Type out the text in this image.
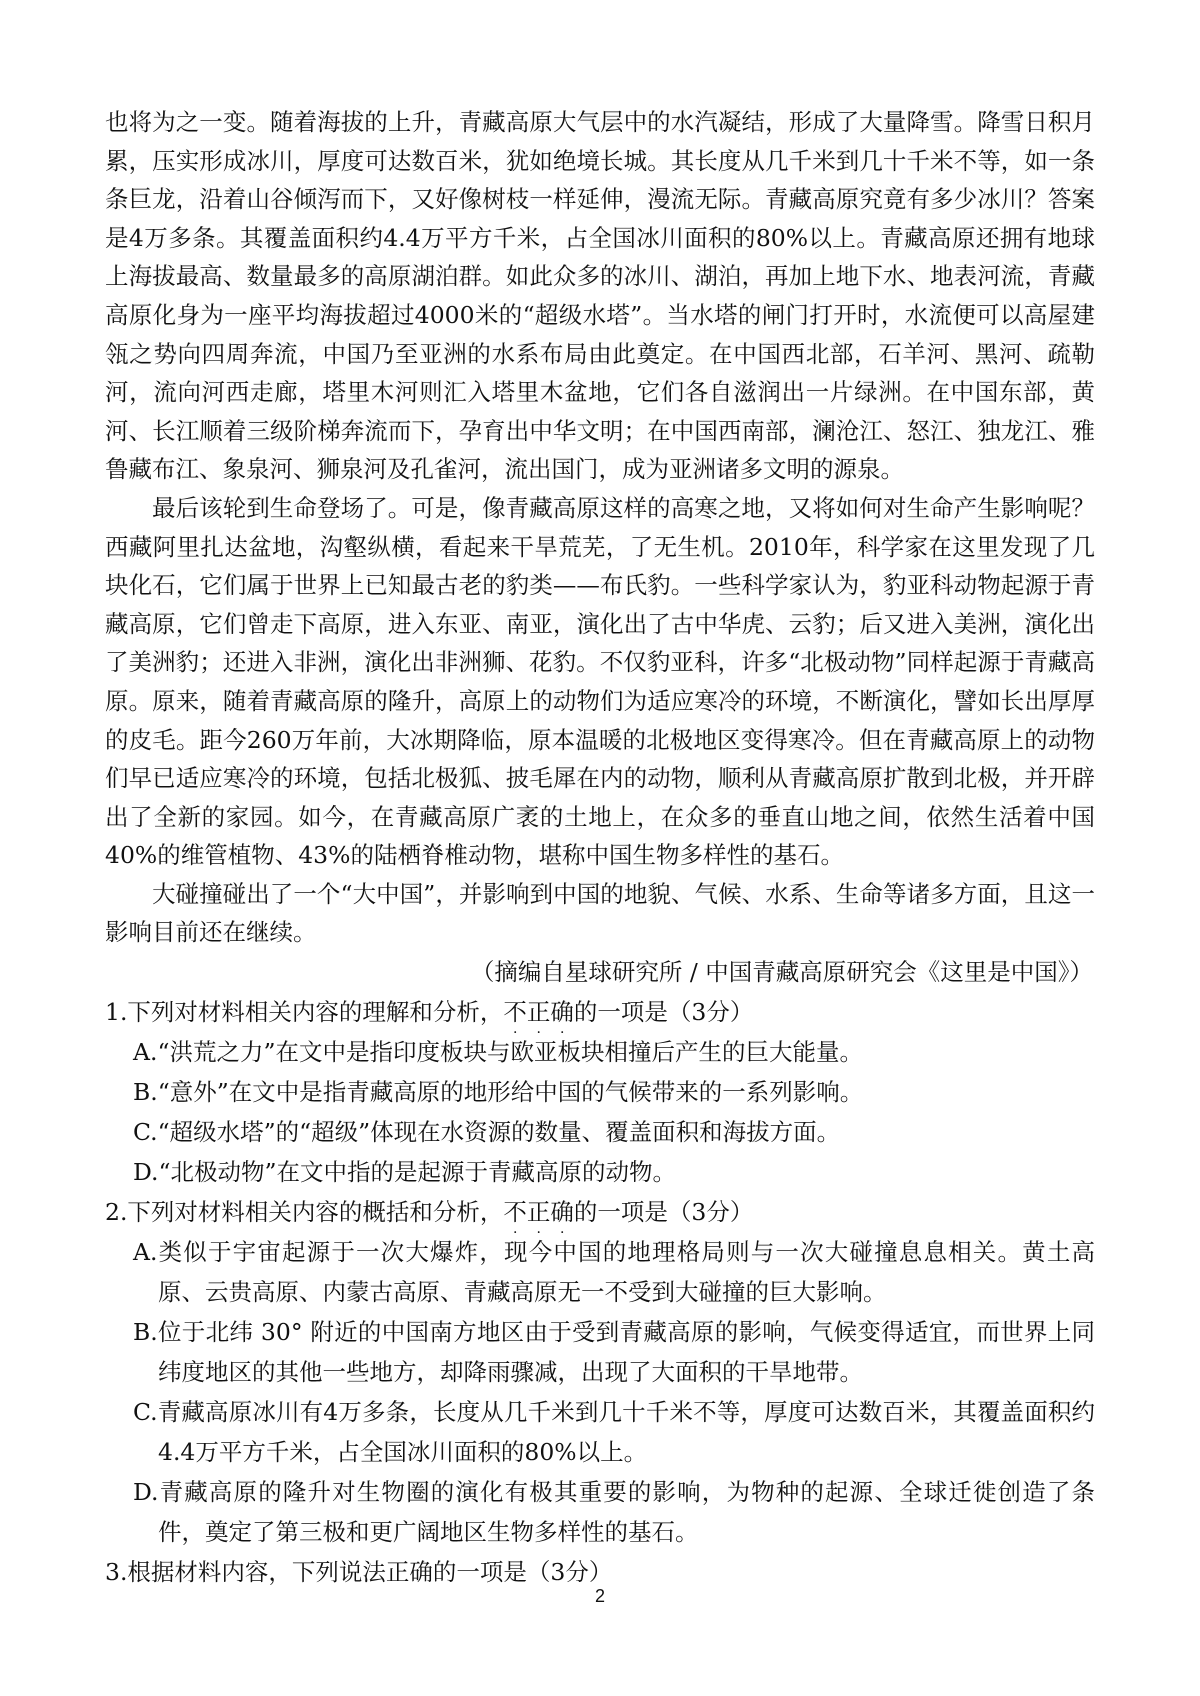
也将为之一变。随着海拔的上升，青藏高原大气层中的水汽凝结，形成了大量降雪。降雪日积月累，压实形成冰川，厚度可达数百米，犹如绝境长城。其长度从几千米到几十千米不等，如一条条巨龙，沿着山谷倾泻而下，又好像树枝一样延伸，漫流无际。青藏高原究竟有多少冰川？答案是4万多条。其覆盖面积约4.4万平方千米，占全国冰川面积的80%以上。青藏高原还拥有地球上海拔最高、数量最多的高原湖泊群。如此众多的冰川、湖泊，再加上地下水、地表河流，青藏高原化身为一座平均海拔超过4000米的“超级水塔”。当水塔的闸门打开时，水流便可以高屋建瓴之势向四周奔流，中国乃至亚洲的水系布局由此奠定。在中国西北部，石羊河、黑河、疏勒河，流向河西走廊，塔里木河则汇入塔里木盆地，它们各自滋润出一片绿洲。在中国东部，黄河、长江顺着三级阶梯奔流而下，孕育出中华文明；在中国西南部，澜沧江、怒江、独龙江、雅鲁藏布江、象泉河、狮泉河及孔雀河，流出国门，成为亚洲诸多文明的源泉。

最后该轮到生命登场了。可是，像青藏高原这样的高寒之地，又将如何对生命产生影响呢？西藏阿里扎达盆地，沟壑纵横，看起来干旱荒芜，了无生机。2010年，科学家在这里发现了几块化石，它们属于世界上已知最古老的豹类——布氏豹。一些科学家认为，豹亚科动物起源于青藏高原，它们曾走下高原，进入东亚、南亚，演化出了古中华虎、云豹；后又进入美洲，演化出了美洲豹；还进入非洲，演化出非洲狮、花豹。不仅豹亚科，许多“北极动物”同样起源于青藏高原。原来，随着青藏高原的隆升，高原上的动物们为适应寒冷的环境，不断演化，譬如长出厚厚的皮毛。距今260万年前，大冰期降临，原本温暖的北极地区变得寒冷。但在青藏高原上的动物们早已适应寒冷的环境，包括北极狐、披毛犀在内的动物，顺利从青藏高原扩散到北极，并开辟出了全新的家园。如今，在青藏高原广袤的土地上，在众多的垂直山地之间，依然生活着中国40%的维管植物、43%的陆栖脊椎动物，堪称中国生物多样性的基石。

大碰撞碰出了一个“大中国”，并影响到中国的地貌、气候、水系、生命等诸多方面，且这一影响目前还在继续。

（摘编自星球研究所 / 中国青藏高原研究会《这里是中国》）

1.下列对材料相关内容的理解和分析，不正确
· · ·
的一项是（3分）

A.“洪荒之力”在文中是指印度板块与欧亚板块相撞后产生的巨大能量。

B.“意外”在文中是指青藏高原的地形给中国的气候带来的一系列影响。

C.“超级水塔”的“超级”体现在水资源的数量、覆盖面积和海拔方面。

D.“北极动物”在文中指的是起源于青藏高原的动物。

2.下列对材料相关内容的概括和分析，不正确
· · ·
的一项是（3分）

A.类似于宇宙起源于一次大爆炸，现今中国的地理格局则与一次大碰撞息息相关。黄土高原、云贵高原、内蒙古高原、青藏高原无一不受到大碰撞的巨大影响。

B.位于北纬 30° 附近的中国南方地区由于受到青藏高原的影响，气候变得适宜，而世界上同纬度地区的其他一些地方，却降雨骤减，出现了大面积的干旱地带。

C.青藏高原冰川有4万多条，长度从几千米到几十千米不等，厚度可达数百米，其覆盖面积约4.4万平方千米，占全国冰川面积的80%以上。

D.青藏高原的隆升对生物圈的演化有极其重要的影响，为物种的起源、全球迁徙创造了条件，奠定了第三极和更广阔地区生物多样性的基石。

3.根据材料内容，下列说法正确的一项是（3分）

2
